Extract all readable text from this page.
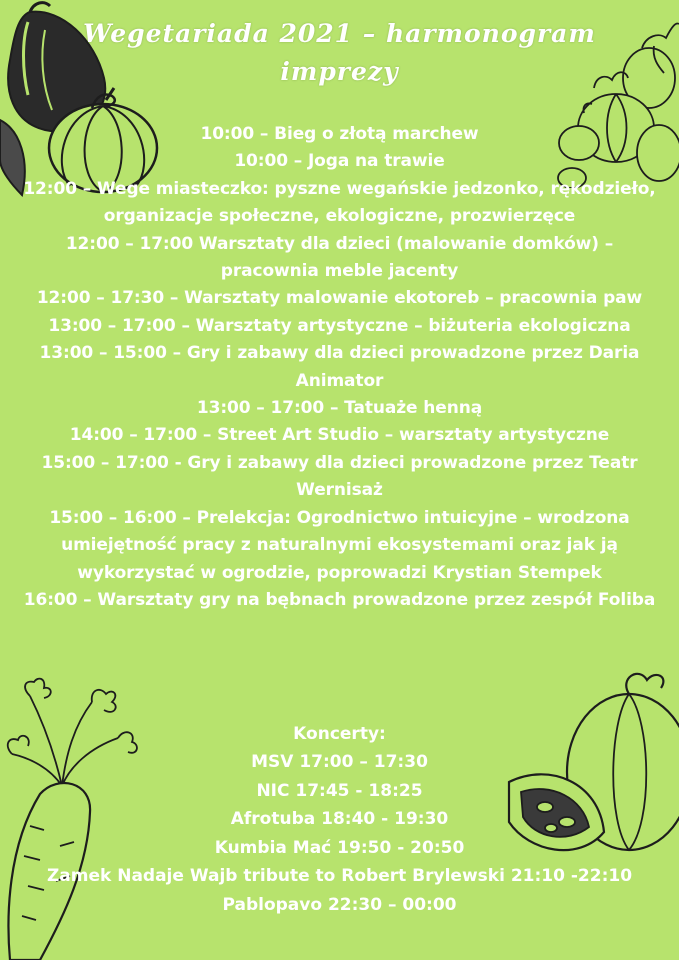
Wegetariada 2021 – harmonogram imprezy
10:00 – Bieg o złotą marchew
10:00 – Joga na trawie
12:00 – Wege miasteczko: pyszne wegańskie jedzonko, rękodzieło, organizacje społeczne, ekologiczne, prozwierzęce
12:00 – 17:00 Warsztaty dla dzieci (malowanie domków) – pracownia meble jacenty
12:00 – 17:30 – Warsztaty malowanie ekotoreb – pracownia paw
13:00 – 17:00 – Warsztaty artystyczne – biżuteria ekologiczna
13:00 – 15:00 – Gry i zabawy dla dzieci prowadzone przez Daria Animator
13:00 – 17:00 – Tatuaże henną
14:00 – 17:00 – Street Art Studio – warsztaty artystyczne
15:00 – 17:00 - Gry i zabawy dla dzieci prowadzone przez Teatr Wernisaż
15:00 – 16:00 – Prelekcja: Ogrodnictwo intuicyjne – wrodzona umiejętność pracy z naturalnymi ekosystemami oraz jak ją wykorzystać w ogrodzie, poprowadzi Krystian Stempek
16:00 – Warsztaty gry na bębnach prowadzone przez zespół Foliba
Koncerty:
MSV 17:00 – 17:30
NIC 17:45 - 18:25
Afrotuba 18:40 - 19:30
Kumbia Mać 19:50 - 20:50
Zamek Nadaje Wajb tribute to Robert Brylewski 21:10 -22:10
Pablopavo 22:30 – 00:00
